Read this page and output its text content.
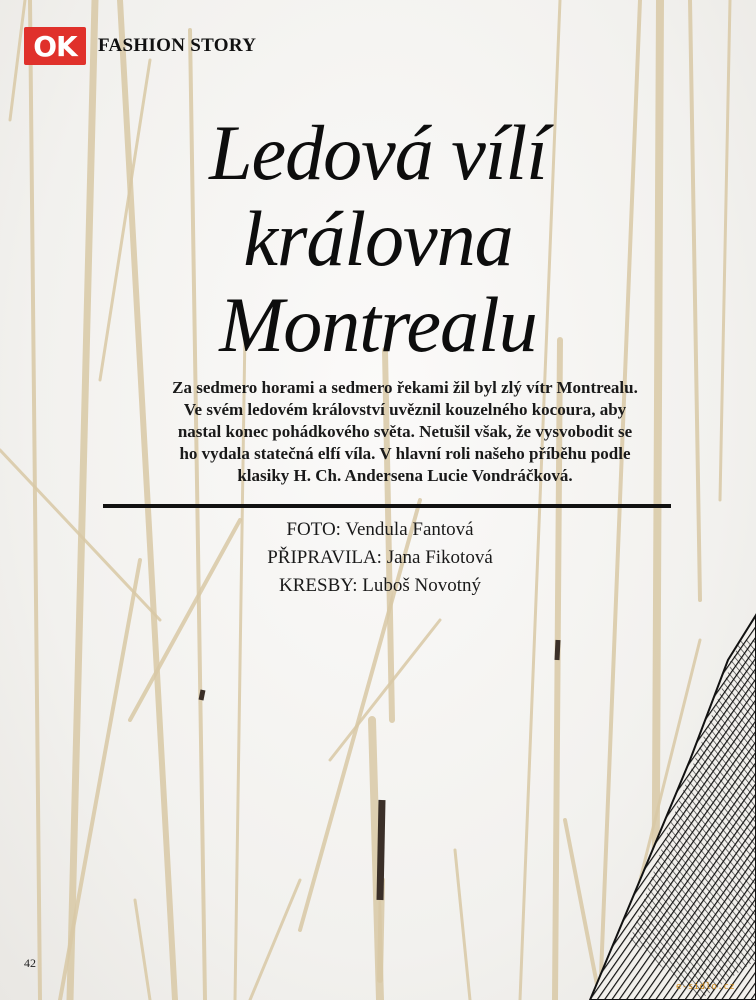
OK	FASHION STORY
Ledová vílí
královna
Montrealu
Za sedmero horami a sedmero řekami žil byl zlý vítr Montrealu.
Ve svém ledovém království uvěznil kouzelného kocoura, aby
nastal konec pohádkového světa. Netušil však, že vysvobodit se
ho vydala statečná elfí víla. V hlavní roli našeho příběhu podle
klasiky H. Ch. Andersena Lucie Vondráčková.
FOTO: Vendula Fantová
PŘIPRAVILA: Jana Fikotová
KRESBY: Luboš Novotný
42
e-sidlo.cz
